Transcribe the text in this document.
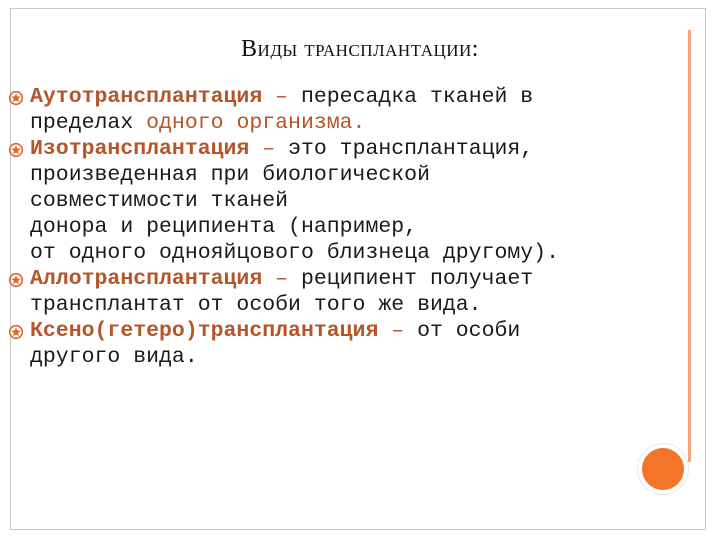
Виды трансплантации:
Аутотрансплантация – пересадка тканей в
пределах одного организма.
Изотрансплантация – это трансплантация,
произведенная при биологической
совместимости тканей
донора и реципиента (например,
от одного однояйцового близнеца другому).
Аллотрансплантация – реципиент получает
трансплантат от особи того же вида.
Ксено(гетеро)трансплантация – от особи
другого вида.
